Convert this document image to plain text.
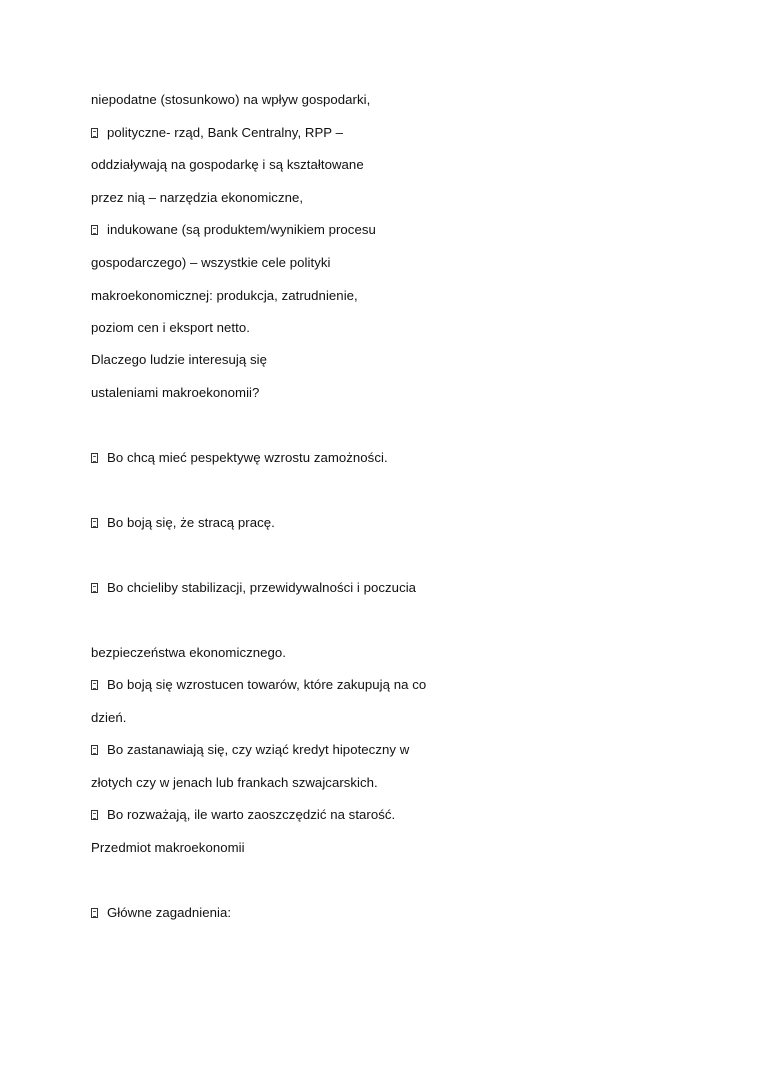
niepodatne (stosunkowo) na wpływ gospodarki,
polityczne- rząd, Bank Centralny, RPP –
oddziaływają na gospodarkę i są kształtowane
przez nią – narzędzia ekonomiczne,
indukowane (są produktem/wynikiem procesu
gospodarczego) – wszystkie cele polityki
makroekonomicznej: produkcja, zatrudnienie,
poziom cen i eksport netto.
Dlaczego ludzie interesują się
ustaleniami makroekonomii?
Bo chcą mieć pespektywę wzrostu zamożności.
Bo boją się, że stracą pracę.
Bo chcieliby stabilizacji, przewidywalności i poczucia
bezpieczeństwa ekonomicznego.
Bo boją się wzrostucen towarów, które zakupują na co
dzień.
Bo zastanawiają się, czy wziąć kredyt hipoteczny w
złotych czy w jenach lub frankach szwajcarskich.
Bo rozważają, ile warto zaoszczędzić na starość.
Przedmiot makroekonomii
Główne zagadnienia:
